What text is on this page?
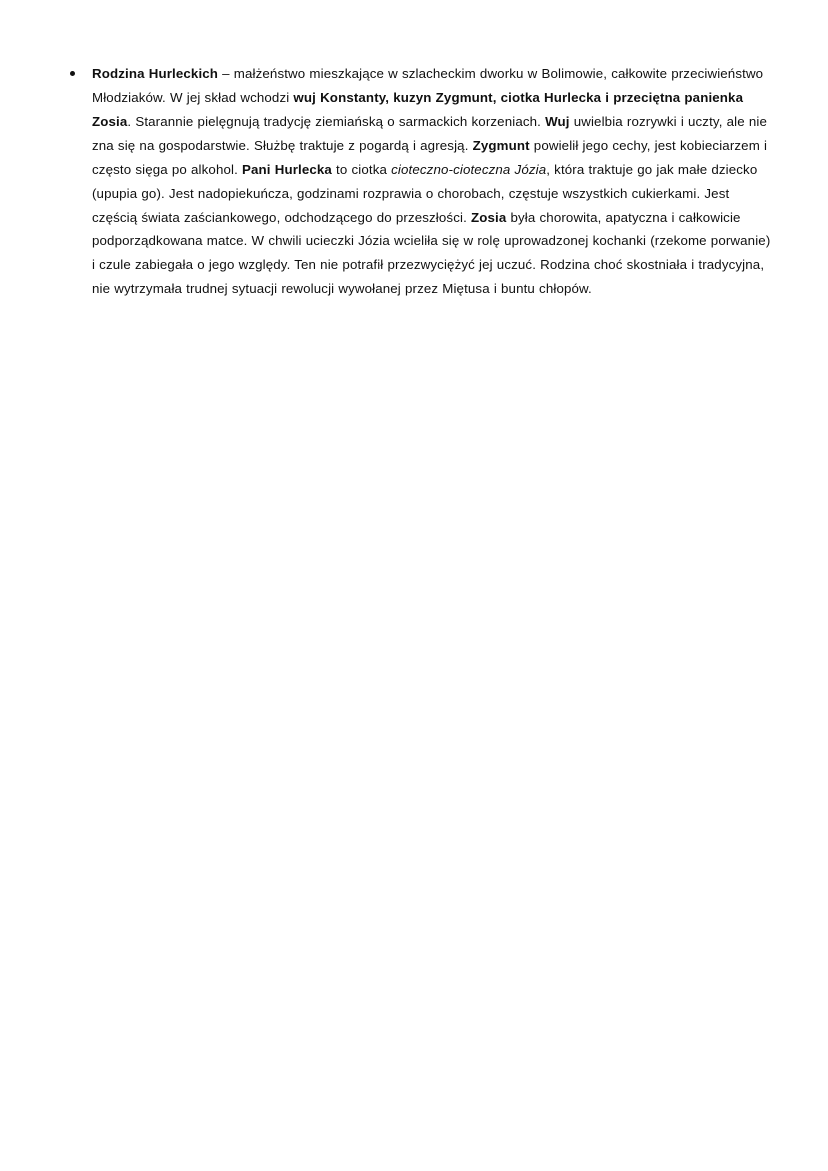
Rodzina Hurleckich – małżeństwo mieszkające w szlacheckim dworku w Bolimowie, całkowite przeciwieństwo Młodziaków. W jej skład wchodzi wuj Konstanty, kuzyn Zygmunt, ciotka Hurlecka i przeciętna panienka Zosia. Starannie pielęgnują tradycję ziemiańską o sarmackich korzeniach. Wuj uwielbia rozrywki i uczty, ale nie zna się na gospodarstwie. Służbę traktuje z pogardą i agresją. Zygmunt powielił jego cechy, jest kobieciarzem i często sięga po alkohol. Pani Hurlecka to ciotka cioteczno-cioteczna Józia, która traktuje go jak małe dziecko (upupia go). Jest nadopiekuńcza, godzinami rozprawia o chorobach, częstuje wszystkich cukierkami. Jest częścią świata zaściankowego, odchodzącego do przeszłości. Zosia była chorowita, apatyczna i całkowicie podporządkowana matce. W chwili ucieczki Józia wcieliła się w rolę uprowadzonej kochanki (rzekome porwanie) i czule zabiegała o jego względy. Ten nie potrafił przezwyciężyć jej uczuć. Rodzina choć skostniała i tradycyjna, nie wytrzymała trudnej sytuacji rewolucji wywołanej przez Miętusa i buntu chłopów.
